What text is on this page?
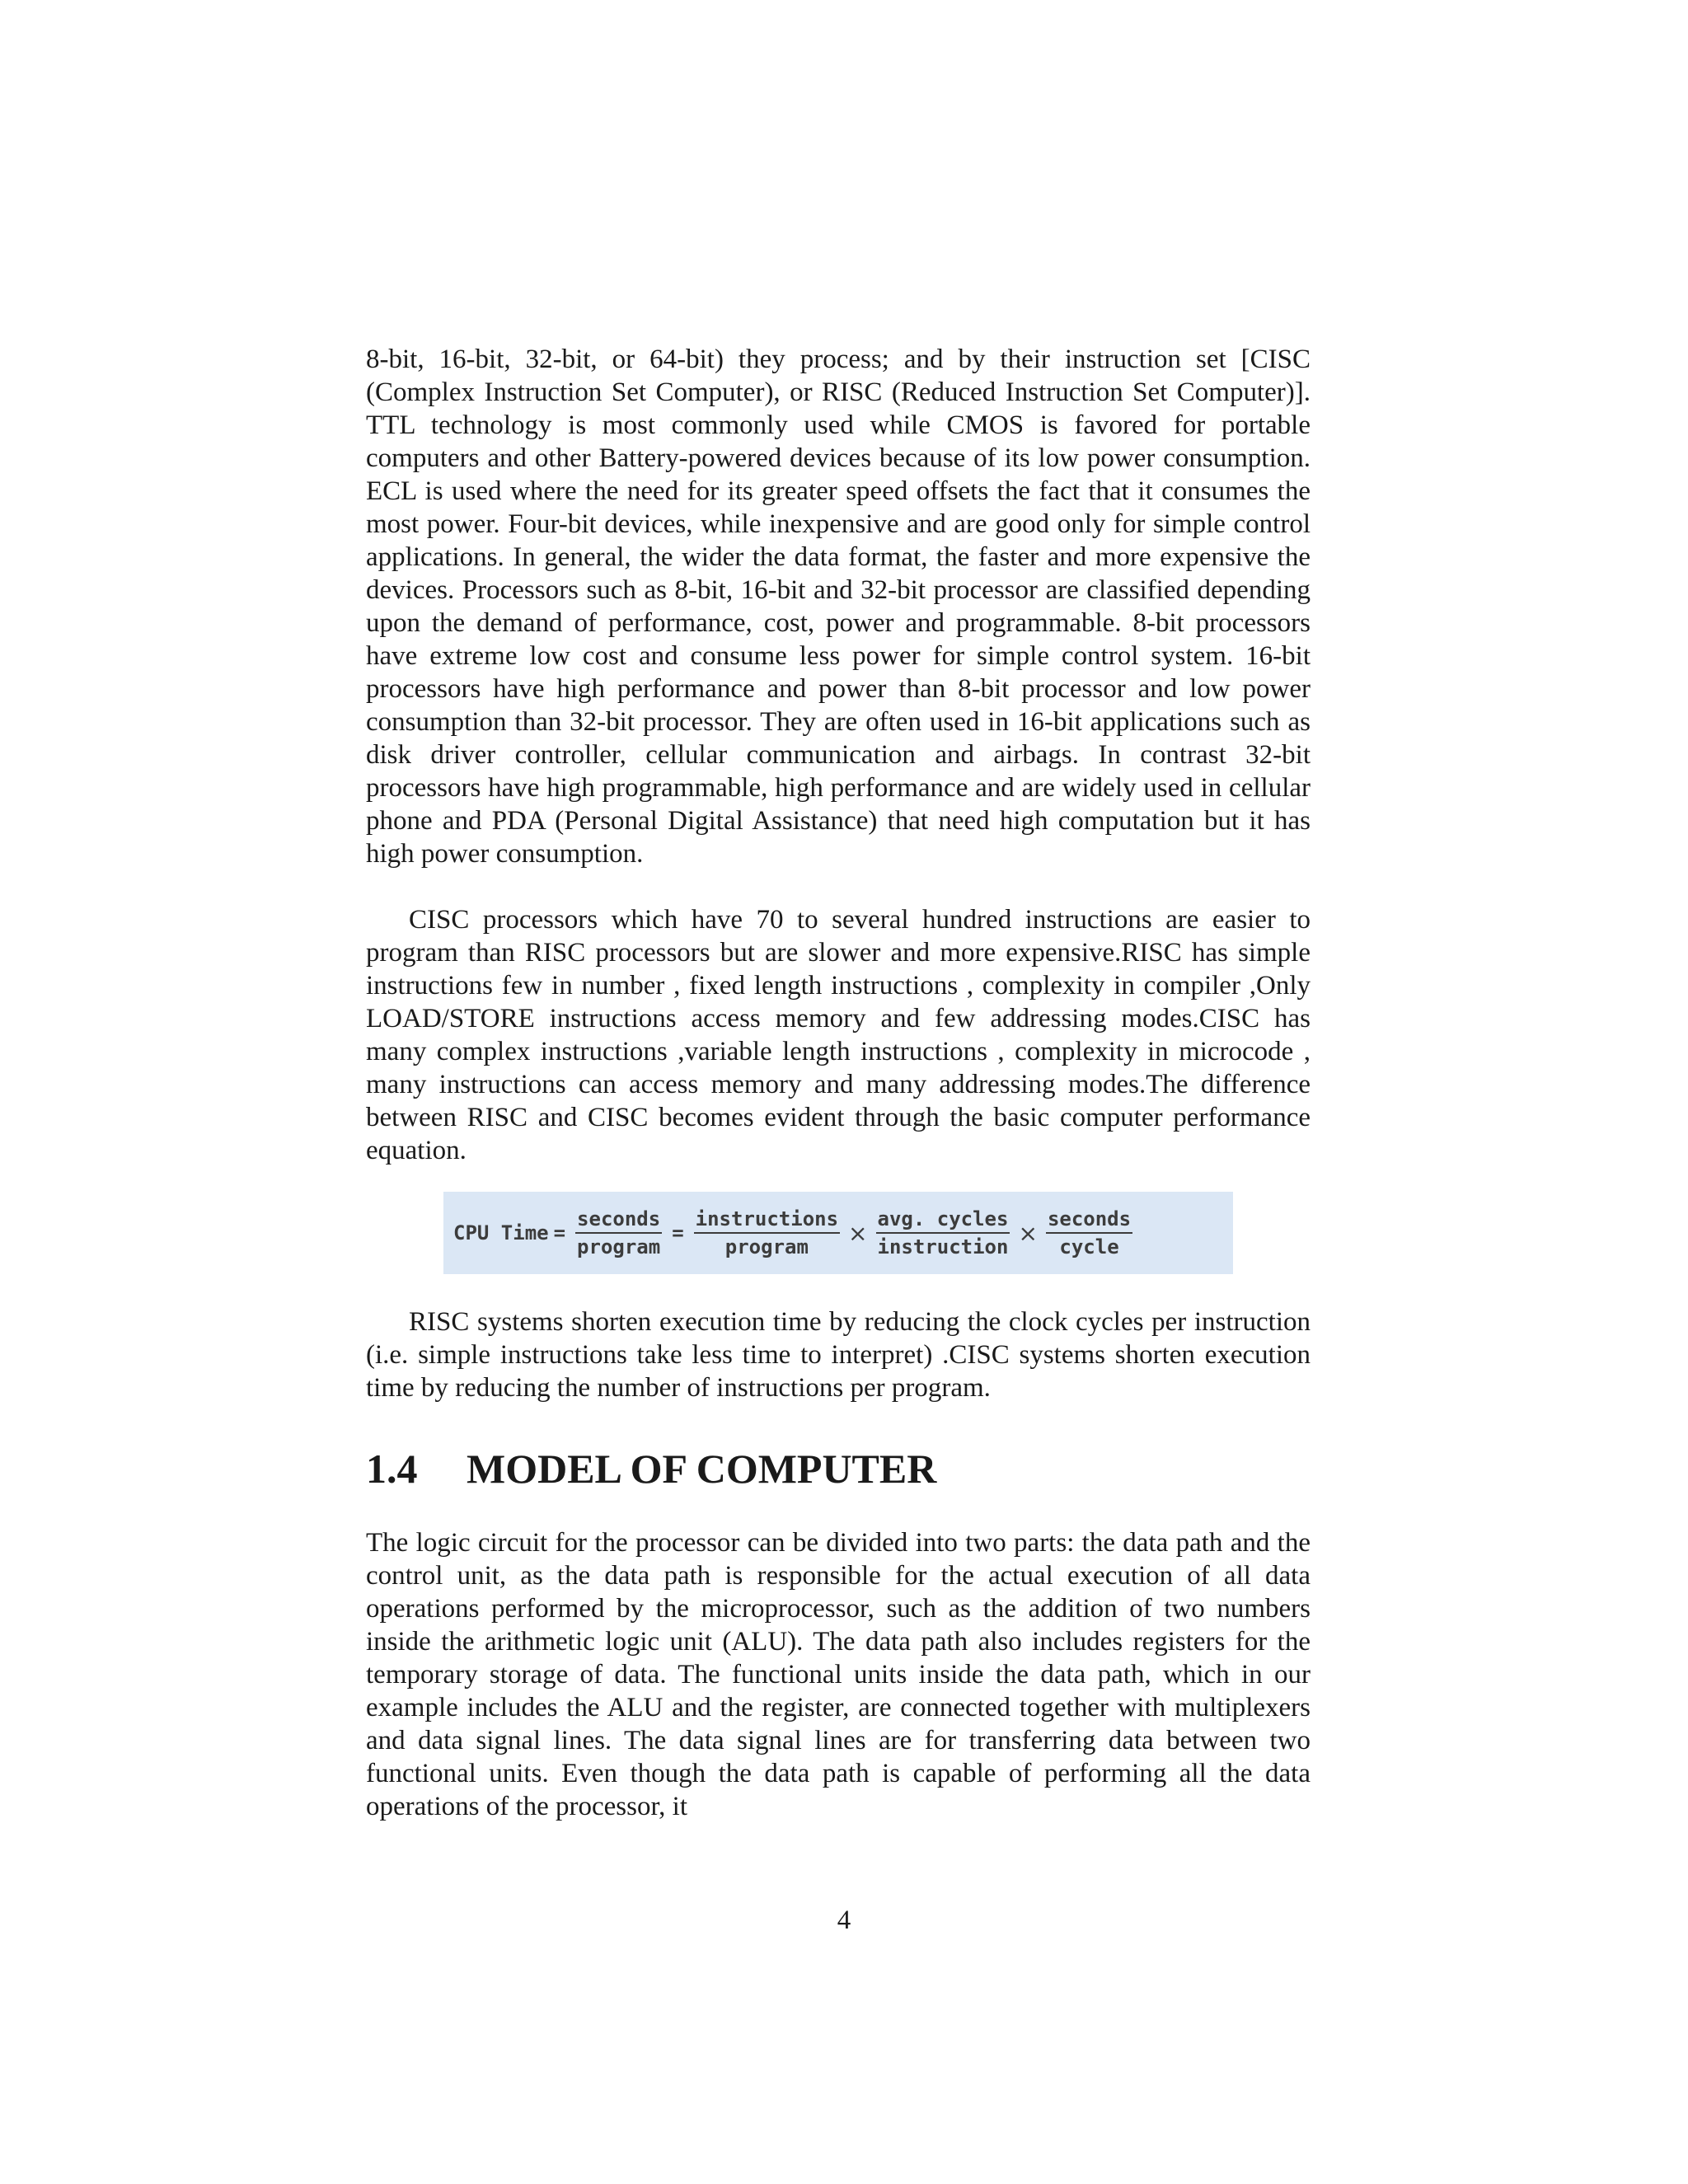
8-bit, 16-bit, 32-bit, or 64-bit) they process; and by their instruction set [CISC (Complex Instruction Set Computer), or RISC (Reduced Instruction Set Computer)]. TTL technology is most commonly used while CMOS is favored for portable computers and other Battery-powered devices because of its low power consumption. ECL is used where the need for its greater speed offsets the fact that it consumes the most power. Four-bit devices, while inexpensive and are good only for simple control applications. In general, the wider the data format, the faster and more expensive the devices. Processors such as 8-bit, 16-bit and 32-bit processor are classified depending upon the demand of performance, cost, power and programmable. 8-bit processors have extreme low cost and consume less power for simple control system. 16-bit processors have high performance and power than 8-bit processor and low power consumption than 32-bit processor. They are often used in 16-bit applications such as disk driver controller, cellular communication and airbags. In contrast 32-bit processors have high programmable, high performance and are widely used in cellular phone and PDA (Personal Digital Assistance) that need high computation but it has high power consumption.

CISC processors which have 70 to several hundred instructions are easier to program than RISC processors but are slower and more expensive.RISC has simple instructions few in number , fixed length instructions , complexity in compiler ,Only LOAD/STORE instructions access memory and few addressing modes.CISC has many complex instructions ,variable length instructions , complexity in microcode , many instructions can access memory and many addressing modes.The difference between RISC and CISC becomes evident through the basic computer performance equation.

CPU Time = $\frac{\text{seconds}}{\text{program}} = \frac{\text{instructions}}{\text{program}} \times \frac{\text{avg. cycles}}{\text{instruction}} \times \frac{\text{seconds}}{\text{cycle}}$

RISC systems shorten execution time by reducing the clock cycles per instruction (i.e. simple instructions take less time to interpret) .CISC systems shorten execution time by reducing the number of instructions per program.

1.4 MODEL OF COMPUTER

The logic circuit for the processor can be divided into two parts: the data path and the control unit, as the data path is responsible for the actual execution of all data operations performed by the microprocessor, such as the addition of two numbers inside the arithmetic logic unit (ALU). The data path also includes registers for the temporary storage of data. The functional units inside the data path, which in our example includes the ALU and the register, are connected together with multiplexers and data signal lines. The data signal lines are for transferring data between two functional units. Even though the data path is capable of performing all the data operations of the processor, it

4
